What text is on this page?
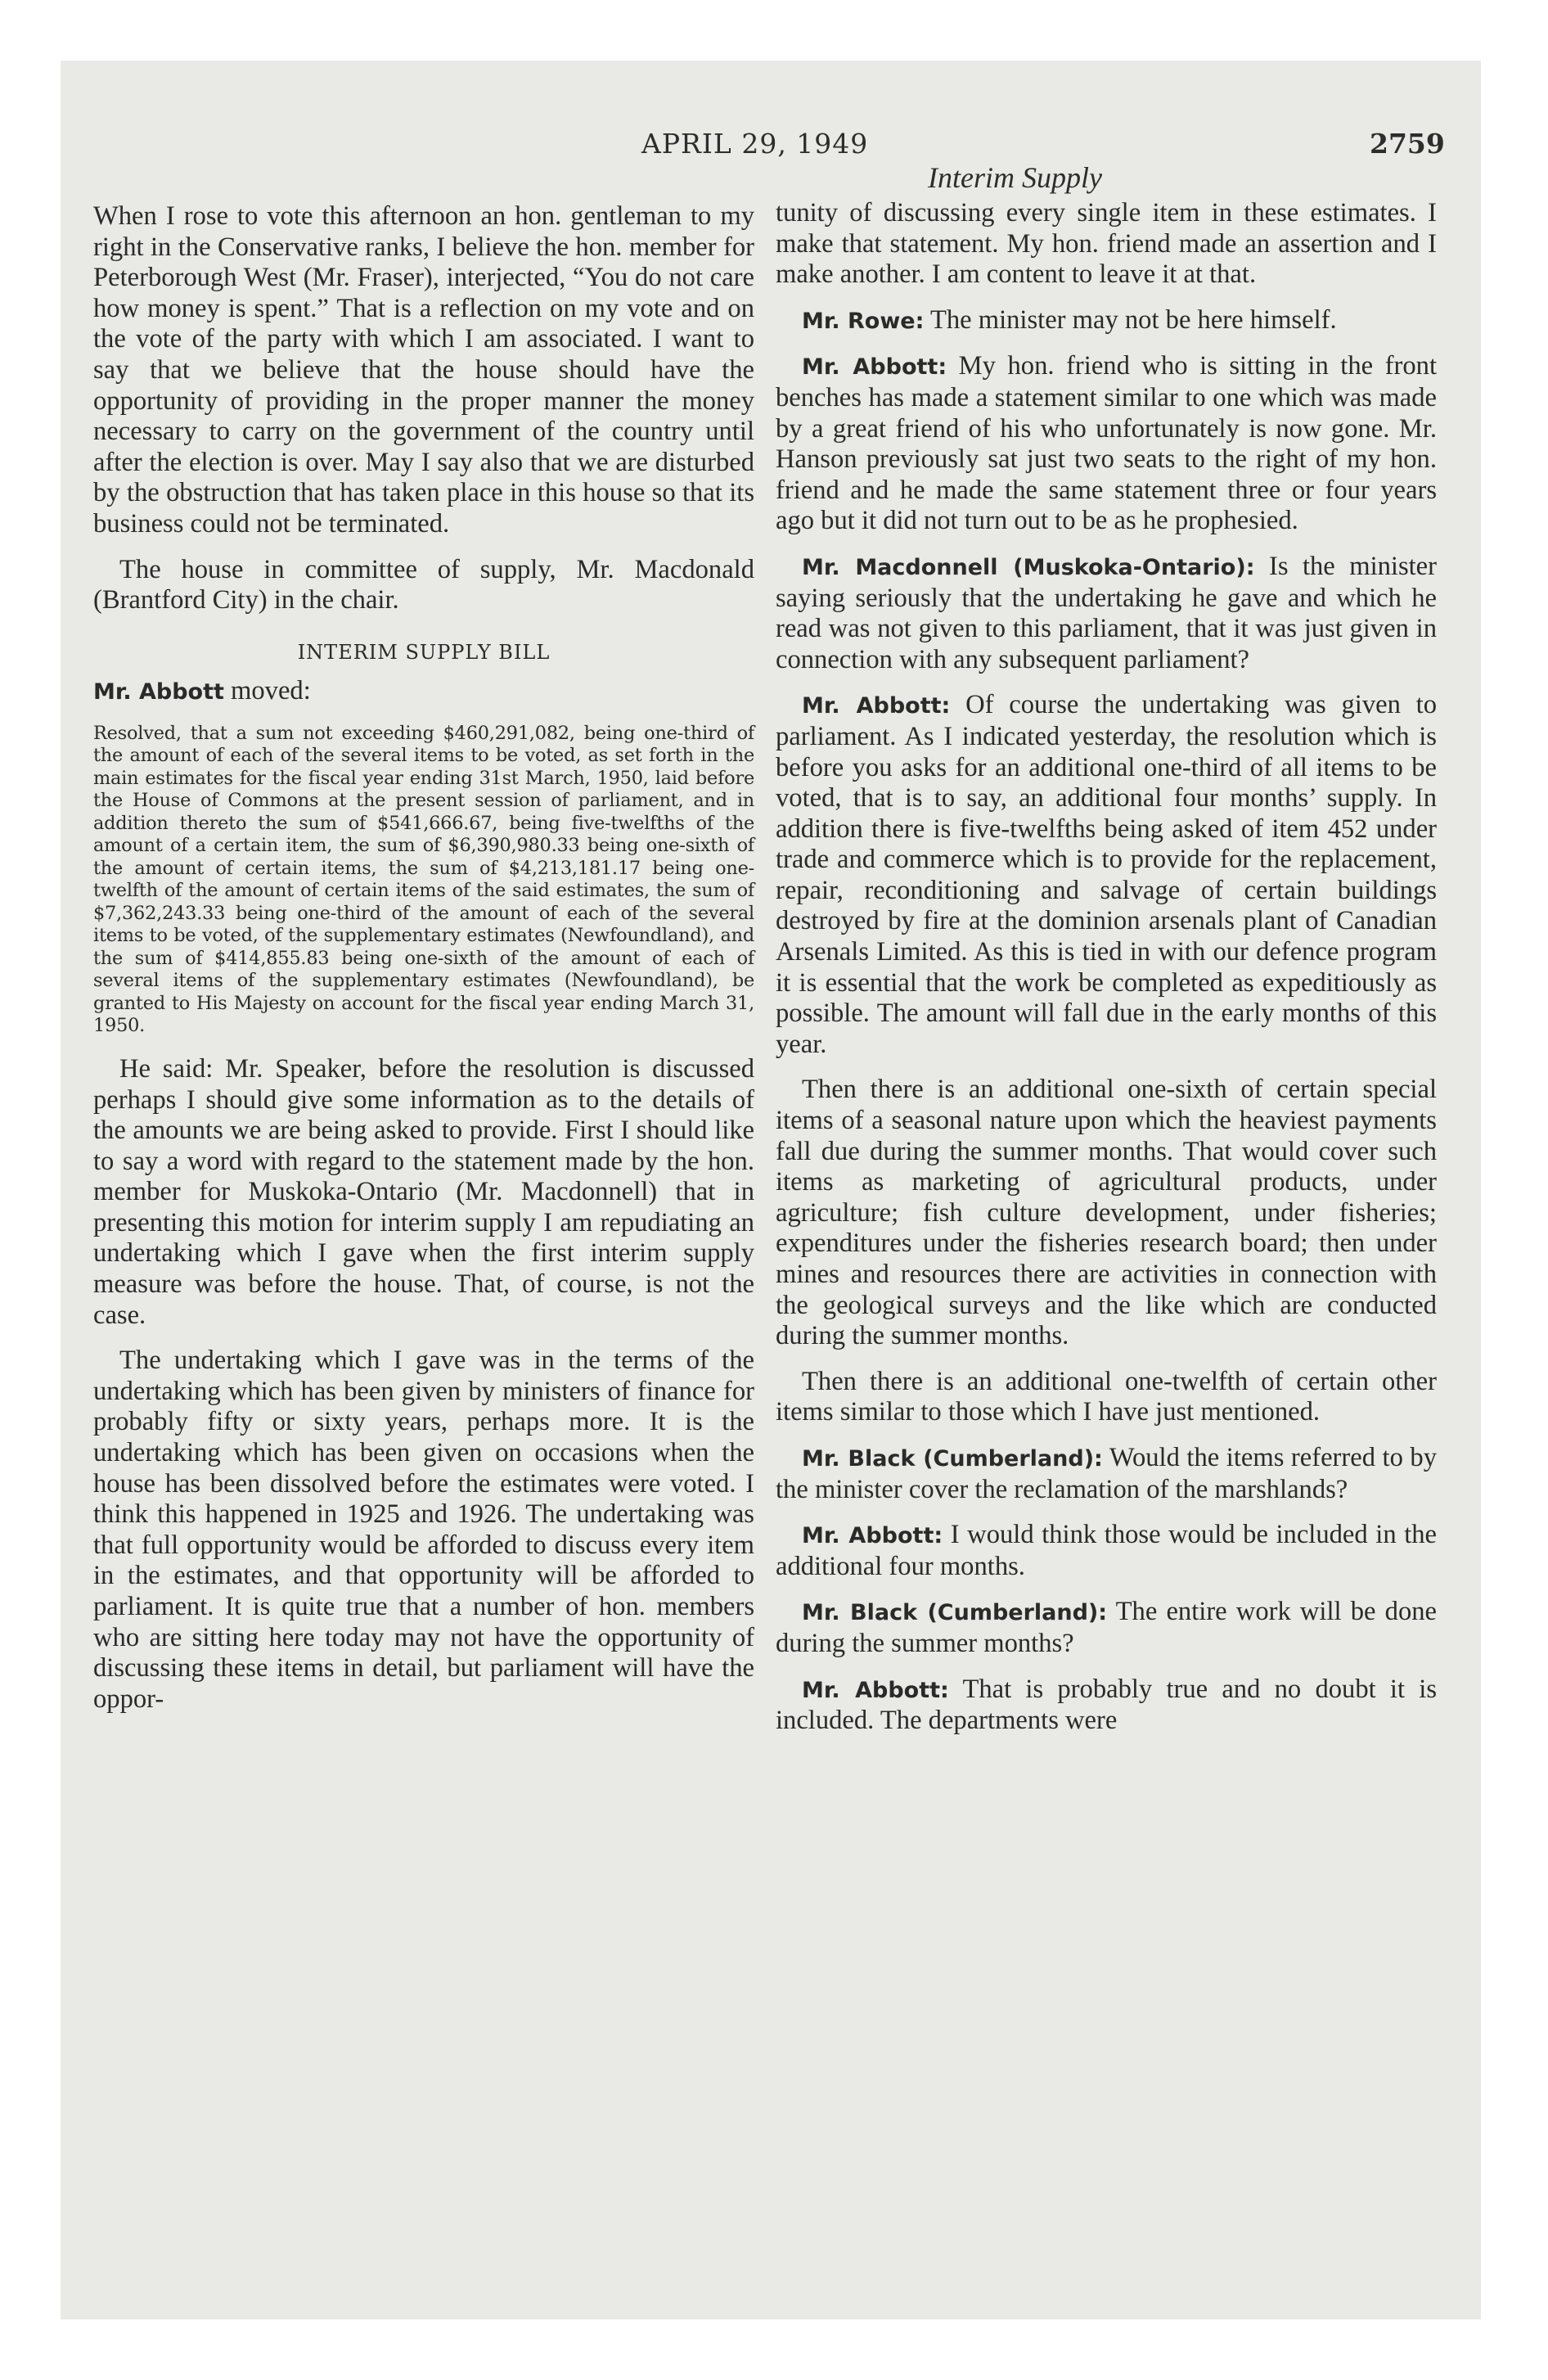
APRIL 29, 1949	2759
Interim Supply

When I rose to vote this afternoon an hon. gentleman to my right in the Conservative ranks, I believe the hon. member for Peterborough West (Mr. Fraser), interjected, “You do not care how money is spent.” That is a reflection on my vote and on the vote of the party with which I am associated. I want to say that we believe that the house should have the opportunity of providing in the proper manner the money necessary to carry on the government of the country until after the election is over. May I say also that we are disturbed by the obstruction that has taken place in this house so that its business could not be terminated.

The house in committee of supply, Mr. Macdonald (Brantford City) in the chair.

INTERIM SUPPLY BILL

Mr. Abbott moved:

Resolved, that a sum not exceeding $460,291,082, being one-third of the amount of each of the several items to be voted, as set forth in the main estimates for the fiscal year ending 31st March, 1950, laid before the House of Commons at the present session of parliament, and in addition thereto the sum of $541,666.67, being five-twelfths of the amount of a certain item, the sum of $6,390,980.33 being one-sixth of the amount of certain items, the sum of $4,213,181.17 being one-twelfth of the amount of certain items of the said estimates, the sum of $7,362,243.33 being one-third of the amount of each of the several items to be voted, of the supplementary estimates (Newfoundland), and the sum of $414,855.83 being one-sixth of the amount of each of several items of the supplementary estimates (Newfoundland), be granted to His Majesty on account for the fiscal year ending March 31, 1950.

He said: Mr. Speaker, before the resolution is discussed perhaps I should give some information as to the details of the amounts we are being asked to provide. First I should like to say a word with regard to the statement made by the hon. member for Muskoka-Ontario (Mr. Macdonnell) that in presenting this motion for interim supply I am repudiating an undertaking which I gave when the first interim supply measure was before the house. That, of course, is not the case.

The undertaking which I gave was in the terms of the undertaking which has been given by ministers of finance for probably fifty or sixty years, perhaps more. It is the undertaking which has been given on occasions when the house has been dissolved before the estimates were voted. I think this happened in 1925 and 1926. The undertaking was that full opportunity would be afforded to discuss every item in the estimates, and that opportunity will be afforded to parliament. It is quite true that a number of hon. members who are sitting here today may not have the opportunity of discussing these items in detail, but parliament will have the oppor-

tunity of discussing every single item in these estimates. I make that statement. My hon. friend made an assertion and I make another. I am content to leave it at that.

Mr. Rowe: The minister may not be here himself.

Mr. Abbott: My hon. friend who is sitting in the front benches has made a statement similar to one which was made by a great friend of his who unfortunately is now gone. Mr. Hanson previously sat just two seats to the right of my hon. friend and he made the same statement three or four years ago but it did not turn out to be as he prophesied.

Mr. Macdonnell (Muskoka-Ontario): Is the minister saying seriously that the undertaking he gave and which he read was not given to this parliament, that it was just given in connection with any subsequent parliament?

Mr. Abbott: Of course the undertaking was given to parliament. As I indicated yesterday, the resolution which is before you asks for an additional one-third of all items to be voted, that is to say, an additional four months’ supply. In addition there is five-twelfths being asked of item 452 under trade and commerce which is to provide for the replacement, repair, reconditioning and salvage of certain buildings destroyed by fire at the dominion arsenals plant of Canadian Arsenals Limited. As this is tied in with our defence program it is essential that the work be completed as expeditiously as possible. The amount will fall due in the early months of this year.

Then there is an additional one-sixth of certain special items of a seasonal nature upon which the heaviest payments fall due during the summer months. That would cover such items as marketing of agricultural products, under agriculture; fish culture development, under fisheries; expenditures under the fisheries research board; then under mines and resources there are activities in connection with the geological surveys and the like which are conducted during the summer months.

Then there is an additional one-twelfth of certain other items similar to those which I have just mentioned.

Mr. Black (Cumberland): Would the items referred to by the minister cover the reclamation of the marshlands?

Mr. Abbott: I would think those would be included in the additional four months.

Mr. Black (Cumberland): The entire work will be done during the summer months?

Mr. Abbott: That is probably true and no doubt it is included. The departments were
